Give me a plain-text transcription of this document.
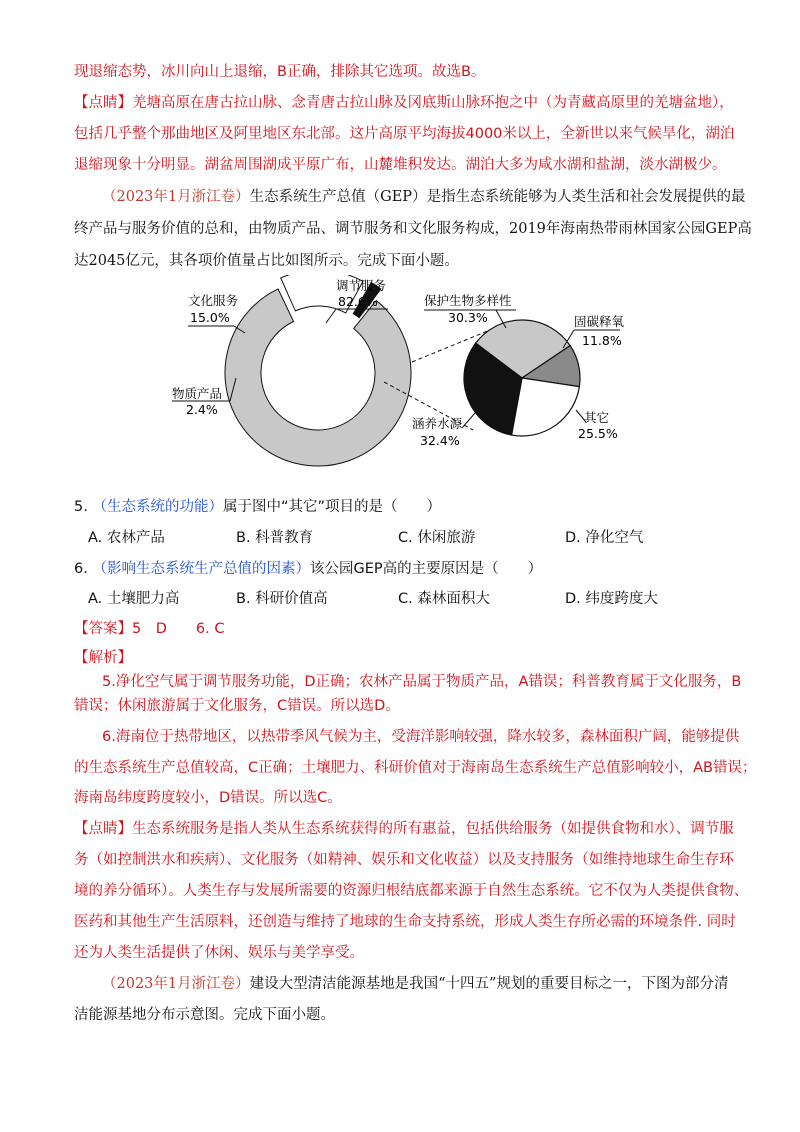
现退缩态势，冰川向山上退缩，B正确，排除其它选项。故选B。
【点睛】羌塘高原在唐古拉山脉、念青唐古拉山脉及冈底斯山脉环抱之中（为青藏高原里的羌塘盆地），
包括几乎整个那曲地区及阿里地区东北部。这片高原平均海拔4000米以上，全新世以来气候旱化，湖泊
退缩现象十分明显。湖盆周围湖成平原广布，山麓堆积发达。湖泊大多为咸水湖和盐湖，淡水湖极少。
（2023年1月浙江卷）生态系统生产总值（GEP）是指生态系统能够为人类生活和社会发展提供的最
终产品与服务价值的总和，由物质产品、调节服务和文化服务构成，2019年海南热带雨林国家公园GEP高
达2045亿元，其各项价值量占比如图所示。完成下面小题。
调节服务
82.6%
文化服务
15.0%
物质产品
2.4%
保护生物多样性
30.3%	固碳释氧
11.8%
其它
25.5%
涵养水源
32.4%
5. （生态系统的功能）属于图中“其它”项目的是（　　）
A. 农林产品	B. 科普教育	C. 休闲旅游	D. 净化空气
6. （影响生态系统生产总值的因素）该公园GEP高的主要原因是（　　）
A. 土壤肥力高	B. 科研价值高	C. 森林面积大	D. 纬度跨度大
【答案】5　D　　6. C
【解析】
5.净化空气属于调节服务功能，D正确；农林产品属于物质产品，A错误；科普教育属于文化服务，B
错误；休闲旅游属于文化服务，C错误。所以选D。
6.海南位于热带地区，以热带季风气候为主，受海洋影响较强，降水较多，森林面积广阔，能够提供
的生态系统生产总值较高，C正确；土壤肥力、科研价值对于海南岛生态系统生产总值影响较小，AB错误；
海南岛纬度跨度较小，D错误。所以选C。
【点睛】生态系统服务是指人类从生态系统获得的所有惠益，包括供给服务（如提供食物和水）、调节服
务（如控制洪水和疾病）、文化服务（如精神、娱乐和文化收益）以及支持服务（如维持地球生命生存环
境的养分循环）。人类生存与发展所需要的资源归根结底都来源于自然生态系统。它不仅为人类提供食物、
医药和其他生产生活原料，还创造与维持了地球的生命支持系统，形成人类生存所必需的环境条件. 同时
还为人类生活提供了休闲、娱乐与美学享受。
（2023年1月浙江卷）建设大型清洁能源基地是我国“十四五”规划的重要目标之一，下图为部分清
洁能源基地分布示意图。完成下面小题。
